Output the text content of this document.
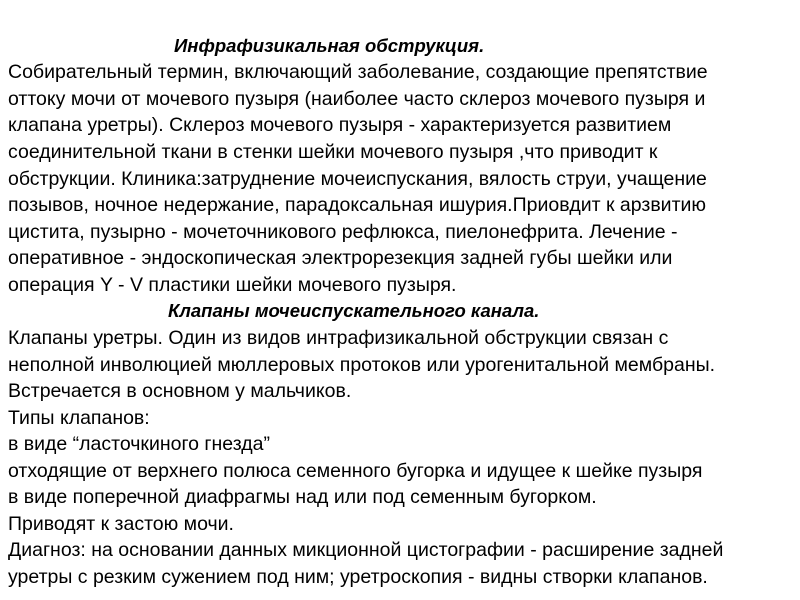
Инфрафизикальная обструкция.
Собирательный термин, включающий заболевание, создающие препятствие
оттоку мочи от мочевого пузыря (наиболее часто склероз мочевого пузыря и
клапана уретры). Склероз мочевого пузыря - характеризуется развитием
соединительной ткани в стенки шейки мочевого пузыря ,что приводит к
обструкции. Клиника:затруднение мочеиспускания, вялость струи, учащение
позывов, ночное недержание, парадоксальная ишурия.Приовдит к арзвитию
цистита, пузырно - мочеточникового рефлюкса, пиелонефрита. Лечение -
оперативное - эндоскопическая электрорезекция задней губы шейки или
операция Y - V пластики шейки мочевого пузыря.
Клапаны мочеиспускательного канала.
Клапаны уретры. Один из видов интрафизикальной обструкции связан с
неполной инволюцией мюллеровых протоков или урогенитальной мембраны.
Встречается в основном у мальчиков.
Типы клапанов:
в виде “ласточкиного гнезда”
отходящие от верхнего полюса семенного бугорка и идущее к шейке пузыря
в виде поперечной диафрагмы над или под семенным бугорком.
Приводят к застою мочи.
Диагноз: на основании данных микционной цистографии - расширение задней
уретры с резким сужением под ним; уретроскопия - видны створки клапанов.
